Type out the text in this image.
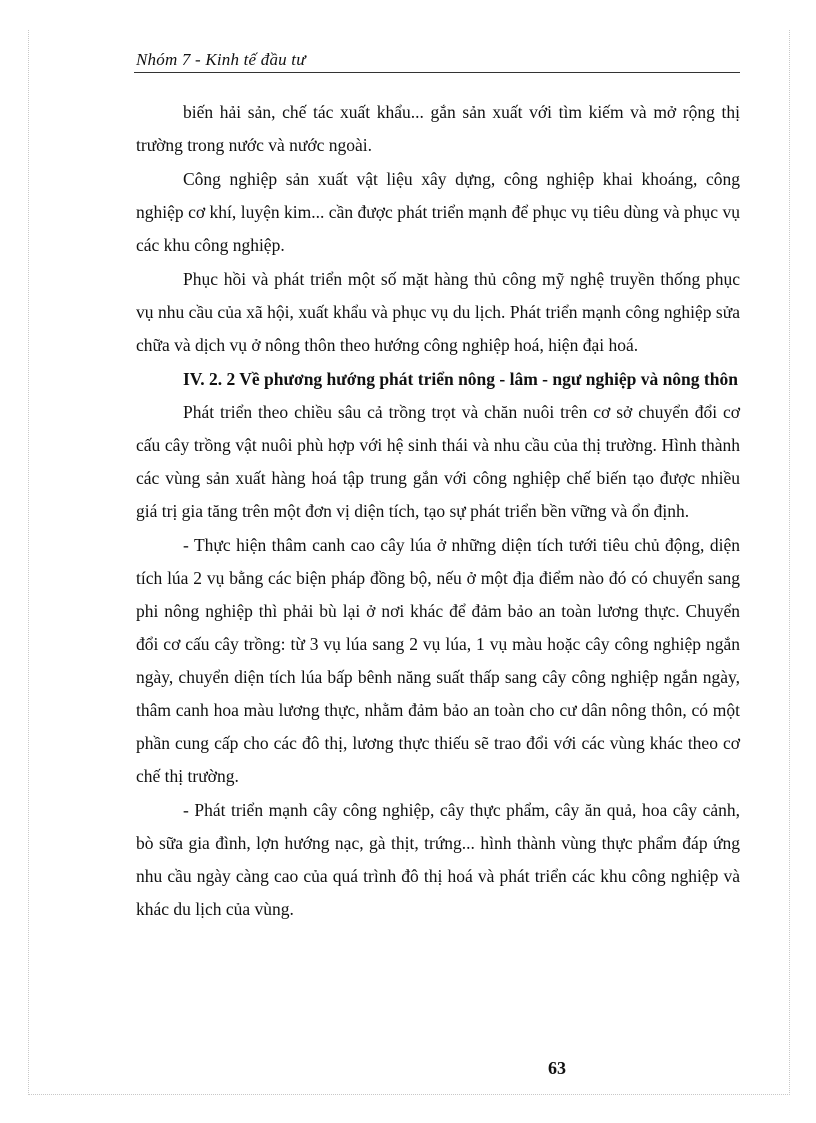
Nhóm 7 - Kinh tế đầu tư

biến hải sản, chế tác xuất khẩu... gắn sản xuất với tìm kiếm và mở rộng thị trường trong nước và nước ngoài.

Công nghiệp sản xuất vật liệu xây dựng, công nghiệp khai khoáng, công nghiệp cơ khí, luyện kim... cần được phát triển mạnh để phục vụ tiêu dùng và phục vụ các khu công nghiệp.

Phục hồi và phát triển một số mặt hàng thủ công mỹ nghệ truyền thống phục vụ nhu cầu của xã hội, xuất khẩu và phục vụ du lịch. Phát triển mạnh công nghiệp sửa chữa và dịch vụ ở nông thôn theo hướng công nghiệp hoá, hiện đại hoá.

IV. 2. 2 Về phương hướng phát triển nông - lâm - ngư nghiệp và nông thôn

Phát triển theo chiều sâu cả trồng trọt và chăn nuôi trên cơ sở chuyển đổi cơ cấu cây trồng vật nuôi phù hợp với hệ sinh thái và nhu cầu của thị trường. Hình thành các vùng sản xuất hàng hoá tập trung gắn với công nghiệp chế biến tạo được nhiều giá trị gia tăng trên một đơn vị diện tích, tạo sự phát triển bền vững và ổn định.

- Thực hiện thâm canh cao cây lúa ở những diện tích tưới tiêu chủ động, diện tích lúa 2 vụ bằng các biện pháp đồng bộ, nếu ở một địa điểm nào đó có chuyển sang phi nông nghiệp thì phải bù lại ở nơi khác để đảm bảo an toàn lương thực. Chuyển đổi cơ cấu cây trồng: từ 3 vụ lúa sang 2 vụ lúa, 1 vụ màu hoặc cây công nghiệp ngắn ngày, chuyển diện tích lúa bấp bênh năng suất thấp sang cây công nghiệp ngắn ngày, thâm canh hoa màu lương thực, nhằm đảm bảo an toàn cho cư dân nông thôn, có một phần cung cấp cho các đô thị, lương thực thiếu sẽ trao đổi với các vùng khác theo cơ chế thị trường.

- Phát triển mạnh cây công nghiệp, cây thực phẩm, cây ăn quả, hoa cây cảnh, bò sữa gia đình, lợn hướng nạc, gà thịt, trứng... hình thành vùng thực phẩm đáp ứng nhu cầu ngày càng cao của quá trình đô thị hoá và phát triển các khu công nghiệp và khác du lịch của vùng.

63
